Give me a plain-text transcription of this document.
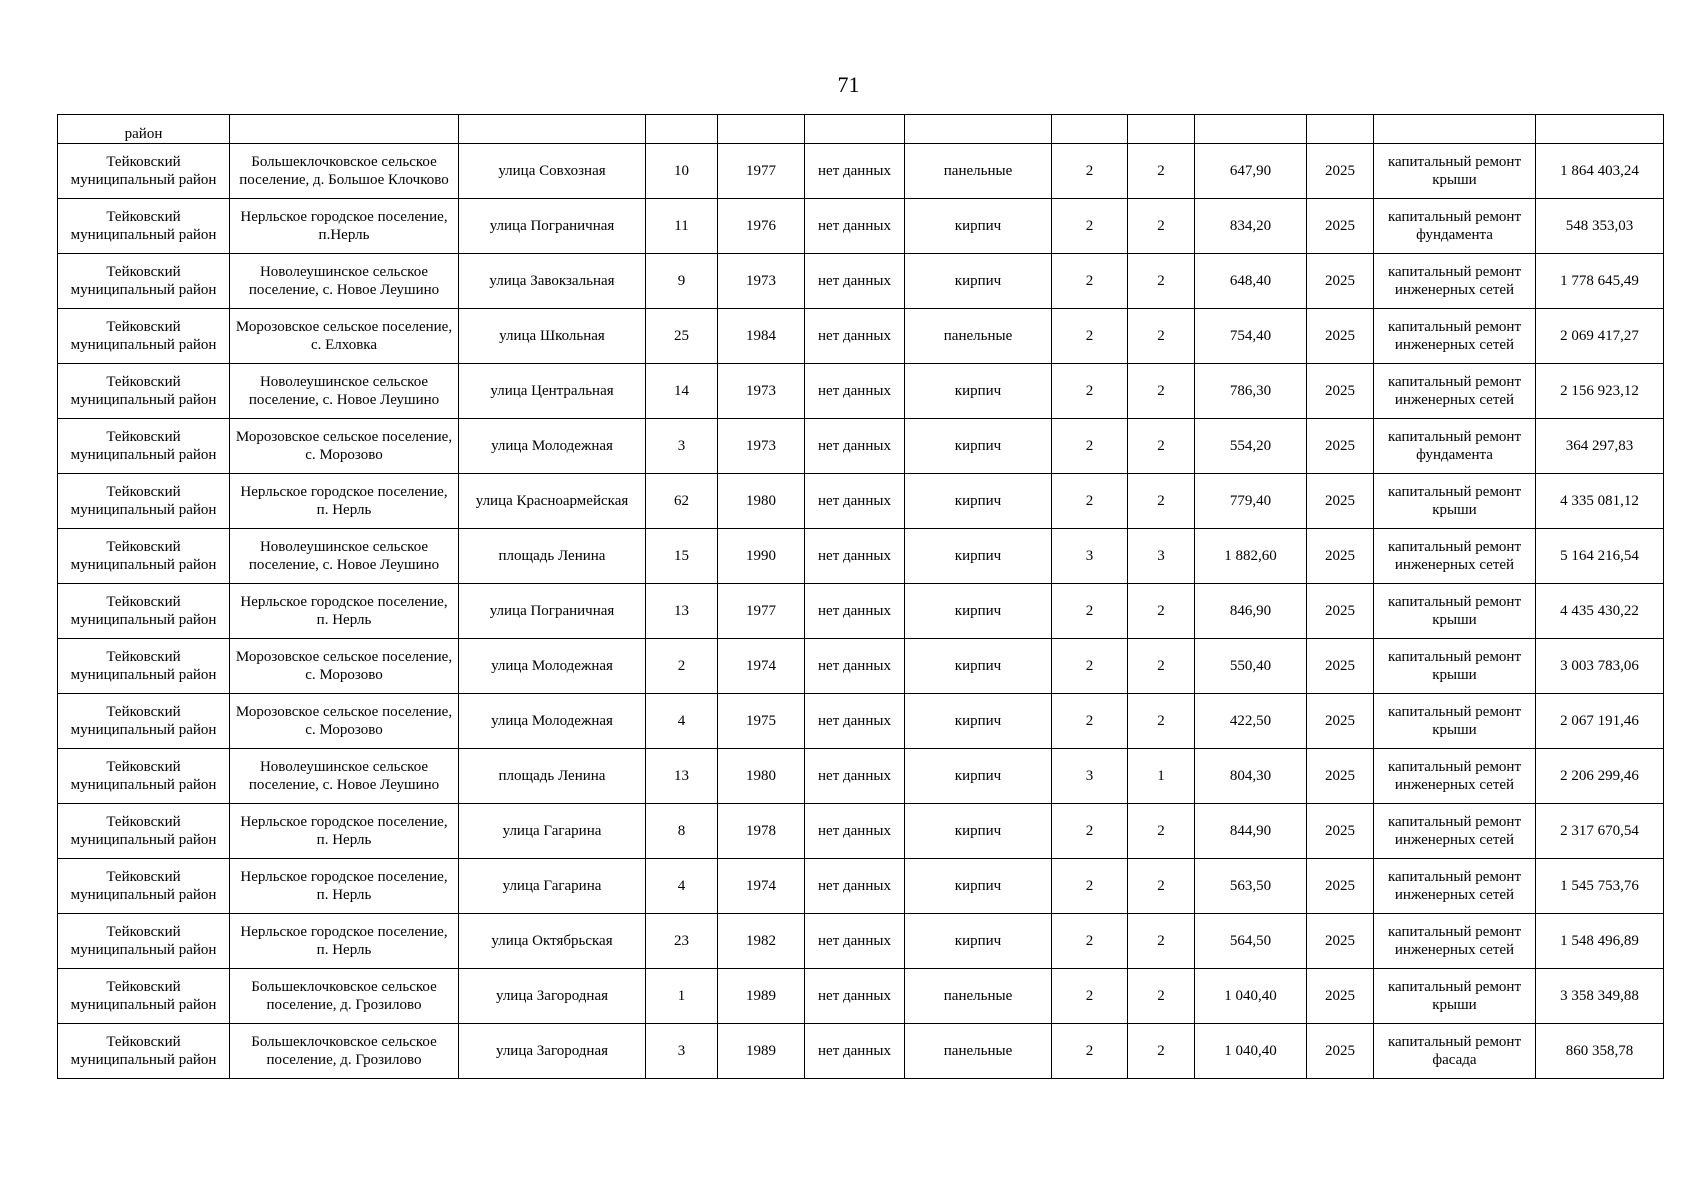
71
район												
Тейковский муниципальный район	Большеклочковское сельское поселение, д. Большое Клочково	улица Совхозная	10	1977	нет данных	панельные	2	2	647,90	2025	капитальный ремонт крыши	1 864 403,24
Тейковский муниципальный район	Нерльское городское поселение, п.Нерль	улица Пограничная	11	1976	нет данных	кирпич	2	2	834,20	2025	капитальный ремонт фундамента	548 353,03
Тейковский муниципальный район	Новолеушинское сельское поселение, с. Новое Леушино	улица Завокзальная	9	1973	нет данных	кирпич	2	2	648,40	2025	капитальный ремонт инженерных сетей	1 778 645,49
Тейковский муниципальный район	Морозовское сельское поселение, с. Елховка	улица Школьная	25	1984	нет данных	панельные	2	2	754,40	2025	капитальный ремонт инженерных сетей	2 069 417,27
Тейковский муниципальный район	Новолеушинское сельское поселение, с. Новое Леушино	улица Центральная	14	1973	нет данных	кирпич	2	2	786,30	2025	капитальный ремонт инженерных сетей	2 156 923,12
Тейковский муниципальный район	Морозовское сельское поселение, с. Морозово	улица Молодежная	3	1973	нет данных	кирпич	2	2	554,20	2025	капитальный ремонт фундамента	364 297,83
Тейковский муниципальный район	Нерльское городское поселение, п. Нерль	улица Красноармейская	62	1980	нет данных	кирпич	2	2	779,40	2025	капитальный ремонт крыши	4 335 081,12
Тейковский муниципальный район	Новолеушинское сельское поселение, с. Новое Леушино	площадь Ленина	15	1990	нет данных	кирпич	3	3	1 882,60	2025	капитальный ремонт инженерных сетей	5 164 216,54
Тейковский муниципальный район	Нерльское городское поселение, п. Нерль	улица Пограничная	13	1977	нет данных	кирпич	2	2	846,90	2025	капитальный ремонт крыши	4 435 430,22
Тейковский муниципальный район	Морозовское сельское поселение, с. Морозово	улица Молодежная	2	1974	нет данных	кирпич	2	2	550,40	2025	капитальный ремонт крыши	3 003 783,06
Тейковский муниципальный район	Морозовское сельское поселение, с. Морозово	улица Молодежная	4	1975	нет данных	кирпич	2	2	422,50	2025	капитальный ремонт крыши	2 067 191,46
Тейковский муниципальный район	Новолеушинское сельское поселение, с. Новое Леушино	площадь Ленина	13	1980	нет данных	кирпич	3	1	804,30	2025	капитальный ремонт инженерных сетей	2 206 299,46
Тейковский муниципальный район	Нерльское городское поселение, п. Нерль	улица Гагарина	8	1978	нет данных	кирпич	2	2	844,90	2025	капитальный ремонт инженерных сетей	2 317 670,54
Тейковский муниципальный район	Нерльское городское поселение, п. Нерль	улица Гагарина	4	1974	нет данных	кирпич	2	2	563,50	2025	капитальный ремонт инженерных сетей	1 545 753,76
Тейковский муниципальный район	Нерльское городское поселение, п. Нерль	улица Октябрьская	23	1982	нет данных	кирпич	2	2	564,50	2025	капитальный ремонт инженерных сетей	1 548 496,89
Тейковский муниципальный район	Большеклочковское сельское поселение, д. Грозилово	улица Загородная	1	1989	нет данных	панельные	2	2	1 040,40	2025	капитальный ремонт крыши	3 358 349,88
Тейковский муниципальный район	Большеклочковское сельское поселение, д. Грозилово	улица Загородная	3	1989	нет данных	панельные	2	2	1 040,40	2025	капитальный ремонт фасада	860 358,78
